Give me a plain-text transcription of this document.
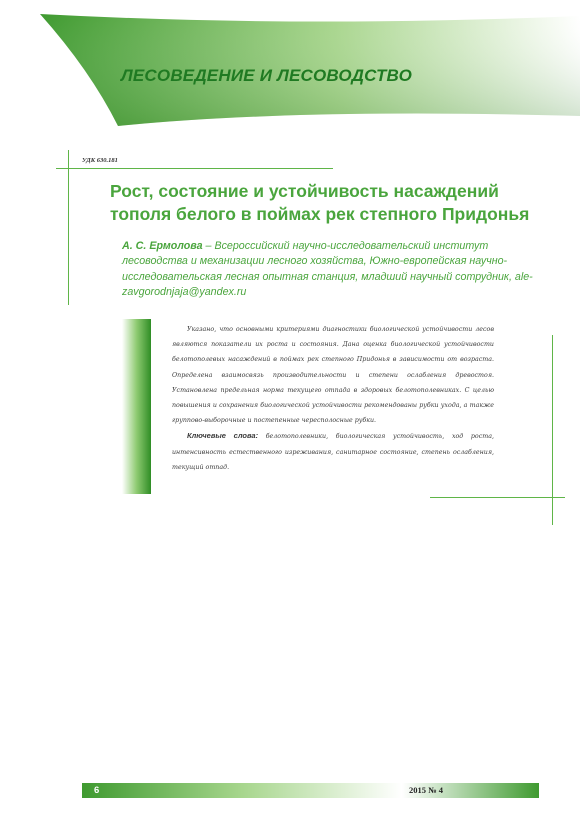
ЛЕСОВЕДЕНИЕ И ЛЕСОВОДСТВО
УДК 630.181
Рост, состояние и устойчивость насаждений
тополя белого в поймах рек степного Придонья
А. С. Ермолова – Всероссийский научно-исследовательский институт лесоводства и механизации лесного хозяйства, Южно-европейская научно-исследовательская лесная опытная станция, младший научный сотрудник, ale-zavgorodnjaja@yandex.ru

Указано, что основными критериями диагностики биологической устойчивости лесов являются показатели их роста и состояния. Дана оценка биологической устойчивости белотополевых насаждений в поймах рек степного Придонья в зависимости от возраста. Определена взаимосвязь производительности и степени ослабления древостоя. Установлена предельная норма текущего отпада в здоровых белотополевниках. С целью повышения и сохранения биологической устойчивости рекомендованы рубки ухода, а также группово-выборочные и постепенные чересполосные рубки.

Ключевые слова: белотополевники, биологическая устойчивость, ход роста, интенсивность естественного изреживания, санитарное состояние, степень ослабления, текущий отпад.

6	2015 № 4
